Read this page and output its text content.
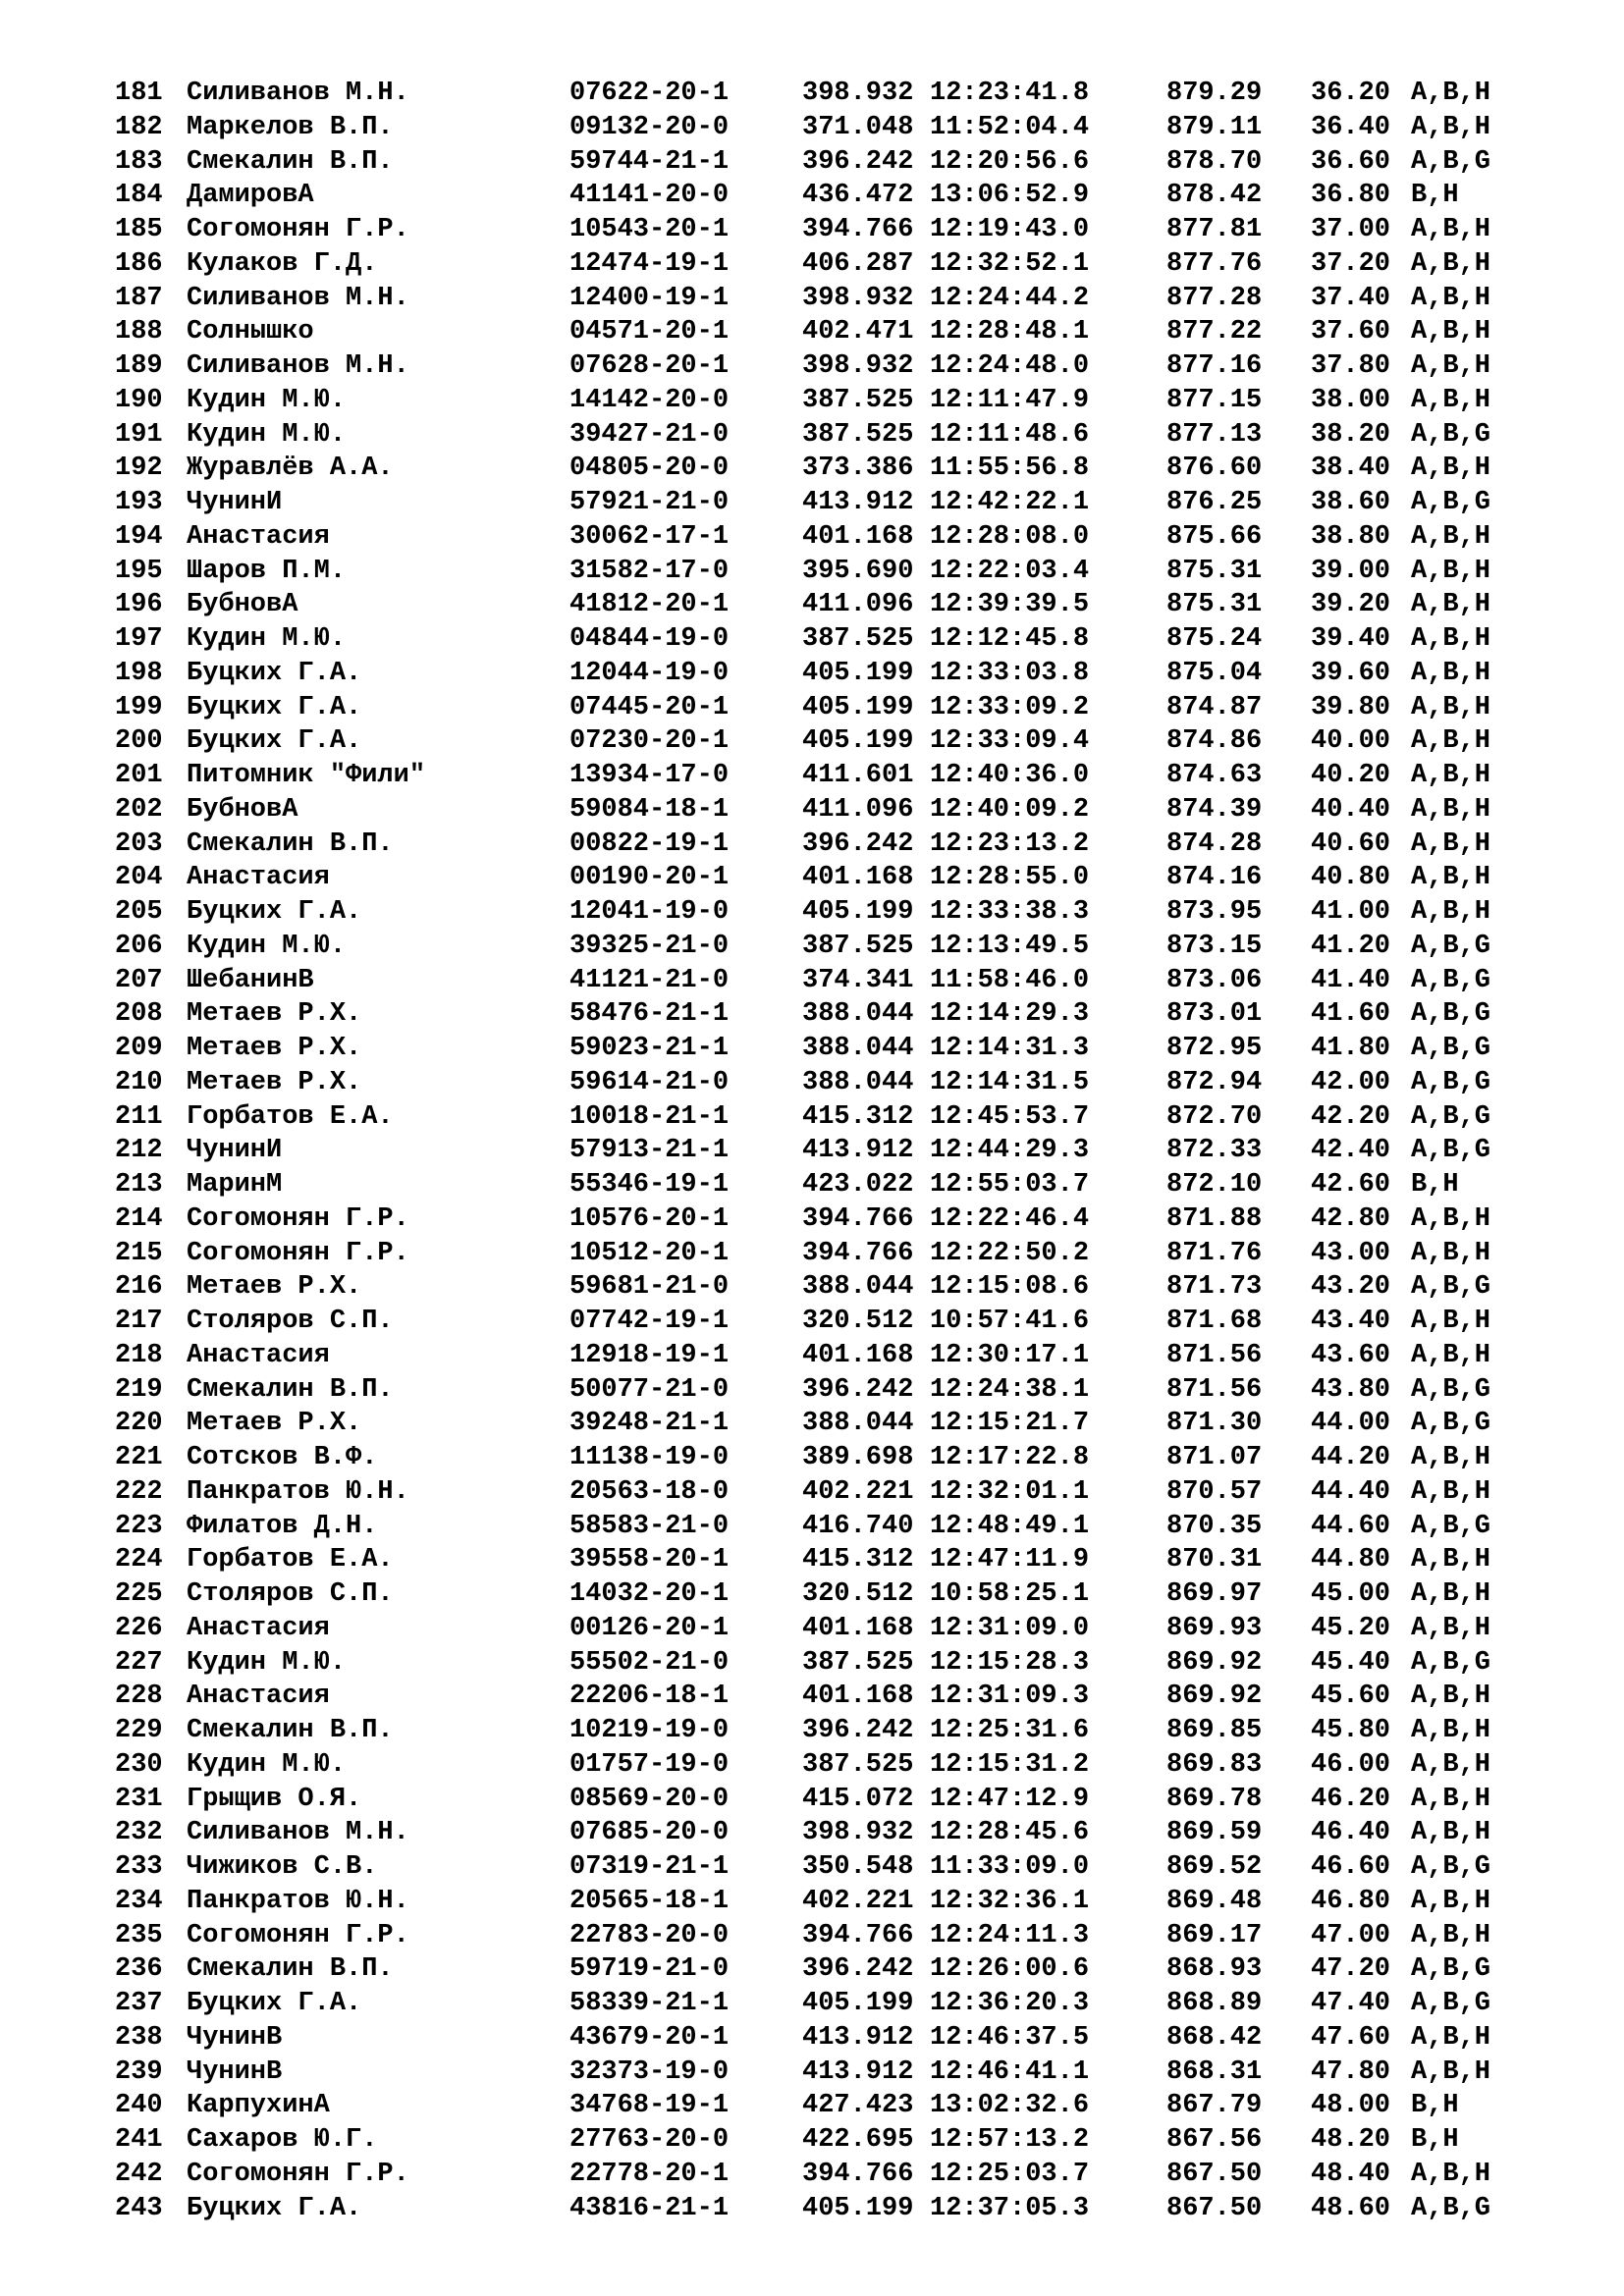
181 Силиванов М.Н.	07622-20-1	398.932 12:23:41.8	879.29 36.20 A,B,H
182 Маркелов В.П.	09132-20-0	371.048 11:52:04.4	879.11 36.40 A,B,H
183 Смекалин В.П.	59744-21-1	396.242 12:20:56.6	878.70 36.60 A,B,G
184 ДамировА	41141-20-0	436.472 13:06:52.9	878.42 36.80 B,H
185 Согомонян Г.Р.	10543-20-1	394.766 12:19:43.0	877.81 37.00 A,B,H
186 Кулаков Г.Д.	12474-19-1	406.287 12:32:52.1	877.76 37.20 A,B,H
187 Силиванов М.Н.	12400-19-1	398.932 12:24:44.2	877.28 37.40 A,B,H
188 Солнышко	04571-20-1	402.471 12:28:48.1	877.22 37.60 A,B,H
189 Силиванов М.Н.	07628-20-1	398.932 12:24:48.0	877.16 37.80 A,B,H
190 Кудин М.Ю.	14142-20-0	387.525 12:11:47.9	877.15 38.00 A,B,H
191 Кудин М.Ю.	39427-21-0	387.525 12:11:48.6	877.13 38.20 A,B,G
192 Журавлёв А.А.	04805-20-0	373.386 11:55:56.8	876.60 38.40 A,B,H
193 ЧунинИ	57921-21-0	413.912 12:42:22.1	876.25 38.60 A,B,G
194 Анастасия	30062-17-1	401.168 12:28:08.0	875.66 38.80 A,B,H
195 Шаров П.М.	31582-17-0	395.690 12:22:03.4	875.31 39.00 A,B,H
196 БубновА	41812-20-1	411.096 12:39:39.5	875.31 39.20 A,B,H
197 Кудин М.Ю.	04844-19-0	387.525 12:12:45.8	875.24 39.40 A,B,H
198 Буцких Г.А.	12044-19-0	405.199 12:33:03.8	875.04 39.60 A,B,H
199 Буцких Г.А.	07445-20-1	405.199 12:33:09.2	874.87 39.80 A,B,H
200 Буцких Г.А.	07230-20-1	405.199 12:33:09.4	874.86 40.00 A,B,H
201 Питомник "Фили"	13934-17-0	411.601 12:40:36.0	874.63 40.20 A,B,H
202 БубновА	59084-18-1	411.096 12:40:09.2	874.39 40.40 A,B,H
203 Смекалин В.П.	00822-19-1	396.242 12:23:13.2	874.28 40.60 A,B,H
204 Анастасия	00190-20-1	401.168 12:28:55.0	874.16 40.80 A,B,H
205 Буцких Г.А.	12041-19-0	405.199 12:33:38.3	873.95 41.00 A,B,H
206 Кудин М.Ю.	39325-21-0	387.525 12:13:49.5	873.15 41.20 A,B,G
207 ШебанинВ	41121-21-0	374.341 11:58:46.0	873.06 41.40 A,B,G
208 Метаев Р.Х.	58476-21-1	388.044 12:14:29.3	873.01 41.60 A,B,G
209 Метаев Р.Х.	59023-21-1	388.044 12:14:31.3	872.95 41.80 A,B,G
210 Метаев Р.Х.	59614-21-0	388.044 12:14:31.5	872.94 42.00 A,B,G
211 Горбатов Е.А.	10018-21-1	415.312 12:45:53.7	872.70 42.20 A,B,G
212 ЧунинИ	57913-21-1	413.912 12:44:29.3	872.33 42.40 A,B,G
213 МаринМ	55346-19-1	423.022 12:55:03.7	872.10 42.60 B,H
214 Согомонян Г.Р.	10576-20-1	394.766 12:22:46.4	871.88 42.80 A,B,H
215 Согомонян Г.Р.	10512-20-1	394.766 12:22:50.2	871.76 43.00 A,B,H
216 Метаев Р.Х.	59681-21-0	388.044 12:15:08.6	871.73 43.20 A,B,G
217 Столяров С.П.	07742-19-1	320.512 10:57:41.6	871.68 43.40 A,B,H
218 Анастасия	12918-19-1	401.168 12:30:17.1	871.56 43.60 A,B,H
219 Смекалин В.П.	50077-21-0	396.242 12:24:38.1	871.56 43.80 A,B,G
220 Метаев Р.Х.	39248-21-1	388.044 12:15:21.7	871.30 44.00 A,B,G
221 Сотсков В.Ф.	11138-19-0	389.698 12:17:22.8	871.07 44.20 A,B,H
222 Панкратов Ю.Н.	20563-18-0	402.221 12:32:01.1	870.57 44.40 A,B,H
223 Филатов Д.Н.	58583-21-0	416.740 12:48:49.1	870.35 44.60 A,B,G
224 Горбатов Е.А.	39558-20-1	415.312 12:47:11.9	870.31 44.80 A,B,H
225 Столяров С.П.	14032-20-1	320.512 10:58:25.1	869.97 45.00 A,B,H
226 Анастасия	00126-20-1	401.168 12:31:09.0	869.93 45.20 A,B,H
227 Кудин М.Ю.	55502-21-0	387.525 12:15:28.3	869.92 45.40 A,B,G
228 Анастасия	22206-18-1	401.168 12:31:09.3	869.92 45.60 A,B,H
229 Смекалин В.П.	10219-19-0	396.242 12:25:31.6	869.85 45.80 A,B,H
230 Кудин М.Ю.	01757-19-0	387.525 12:15:31.2	869.83 46.00 A,B,H
231 Грыщив О.Я.	08569-20-0	415.072 12:47:12.9	869.78 46.20 A,B,H
232 Силиванов М.Н.	07685-20-0	398.932 12:28:45.6	869.59 46.40 A,B,H
233 Чижиков С.В.	07319-21-1	350.548 11:33:09.0	869.52 46.60 A,B,G
234 Панкратов Ю.Н.	20565-18-1	402.221 12:32:36.1	869.48 46.80 A,B,H
235 Согомонян Г.Р.	22783-20-0	394.766 12:24:11.3	869.17 47.00 A,B,H
236 Смекалин В.П.	59719-21-0	396.242 12:26:00.6	868.93 47.20 A,B,G
237 Буцких Г.А.	58339-21-1	405.199 12:36:20.3	868.89 47.40 A,B,G
238 ЧунинВ	43679-20-1	413.912 12:46:37.5	868.42 47.60 A,B,H
239 ЧунинВ	32373-19-0	413.912 12:46:41.1	868.31 47.80 A,B,H
240 КарпухинА	34768-19-1	427.423 13:02:32.6	867.79 48.00 B,H
241 Сахаров Ю.Г.	27763-20-0	422.695 12:57:13.2	867.56 48.20 B,H
242 Согомонян Г.Р.	22778-20-1	394.766 12:25:03.7	867.50 48.40 A,B,H
243 Буцких Г.А.	43816-21-1	405.199 12:37:05.3	867.50 48.60 A,B,G
